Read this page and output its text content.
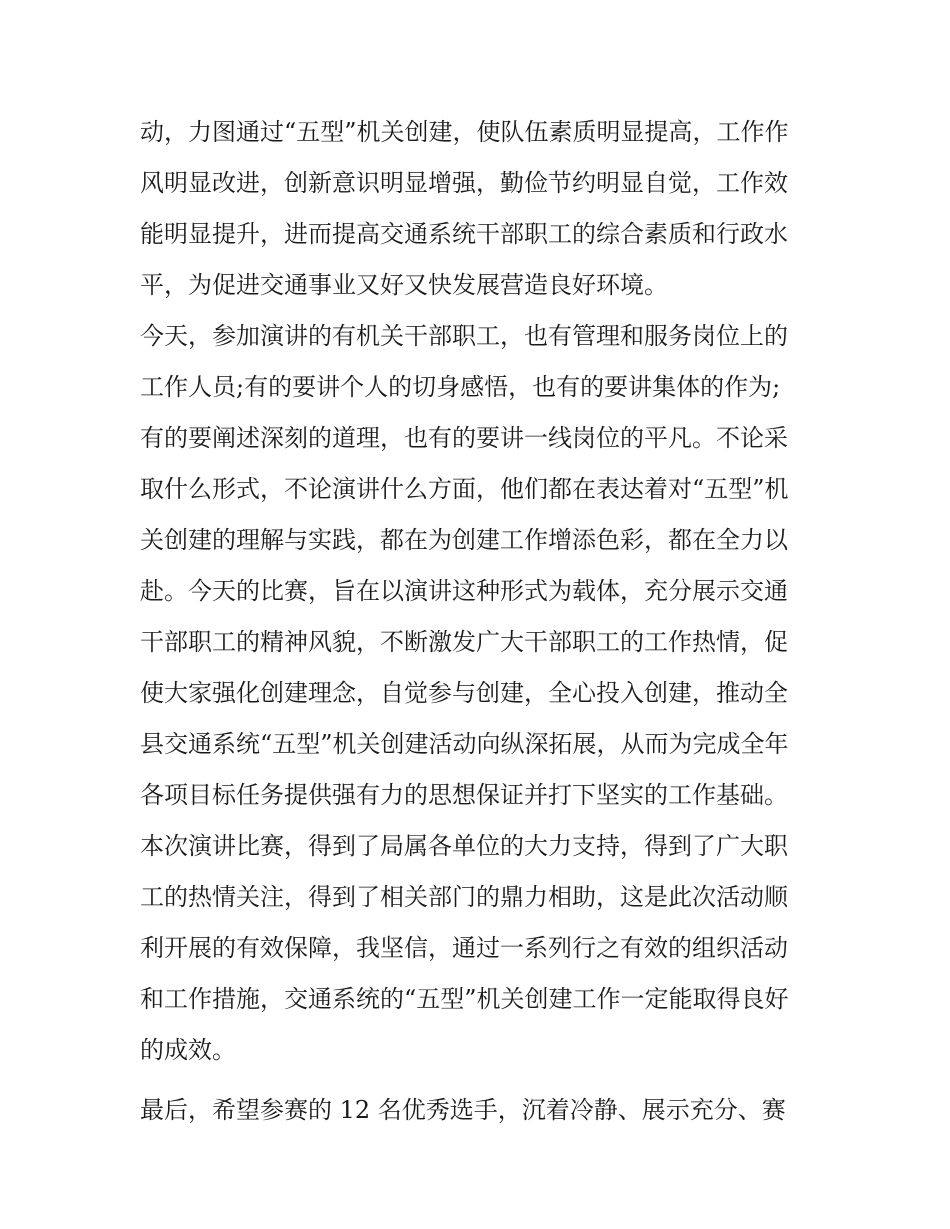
动，力图通过“五型”机关创建，使队伍素质明显提高，工作作
风明显改进，创新意识明显增强，勤俭节约明显自觉，工作效
能明显提升，进而提高交通系统干部职工的综合素质和行政水
平，为促进交通事业又好又快发展营造良好环境。
今天，参加演讲的有机关干部职工，也有管理和服务岗位上的
工作人员;有的要讲个人的切身感悟，也有的要讲集体的作为;
有的要阐述深刻的道理，也有的要讲一线岗位的平凡。不论采
取什么形式，不论演讲什么方面，他们都在表达着对“五型”机
关创建的理解与实践，都在为创建工作增添色彩，都在全力以
赴。今天的比赛，旨在以演讲这种形式为载体，充分展示交通
干部职工的精神风貌，不断激发广大干部职工的工作热情，促
使大家强化创建理念，自觉参与创建，全心投入创建，推动全
县交通系统“五型”机关创建活动向纵深拓展，从而为完成全年
各项目标任务提供强有力的思想保证并打下坚实的工作基础。
本次演讲比赛，得到了局属各单位的大力支持，得到了广大职
工的热情关注，得到了相关部门的鼎力相助，这是此次活动顺
利开展的有效保障，我坚信，通过一系列行之有效的组织活动
和工作措施，交通系统的“五型”机关创建工作一定能取得良好
的成效。
最后，希望参赛的 12 名优秀选手，沉着冷静、展示充分、赛
